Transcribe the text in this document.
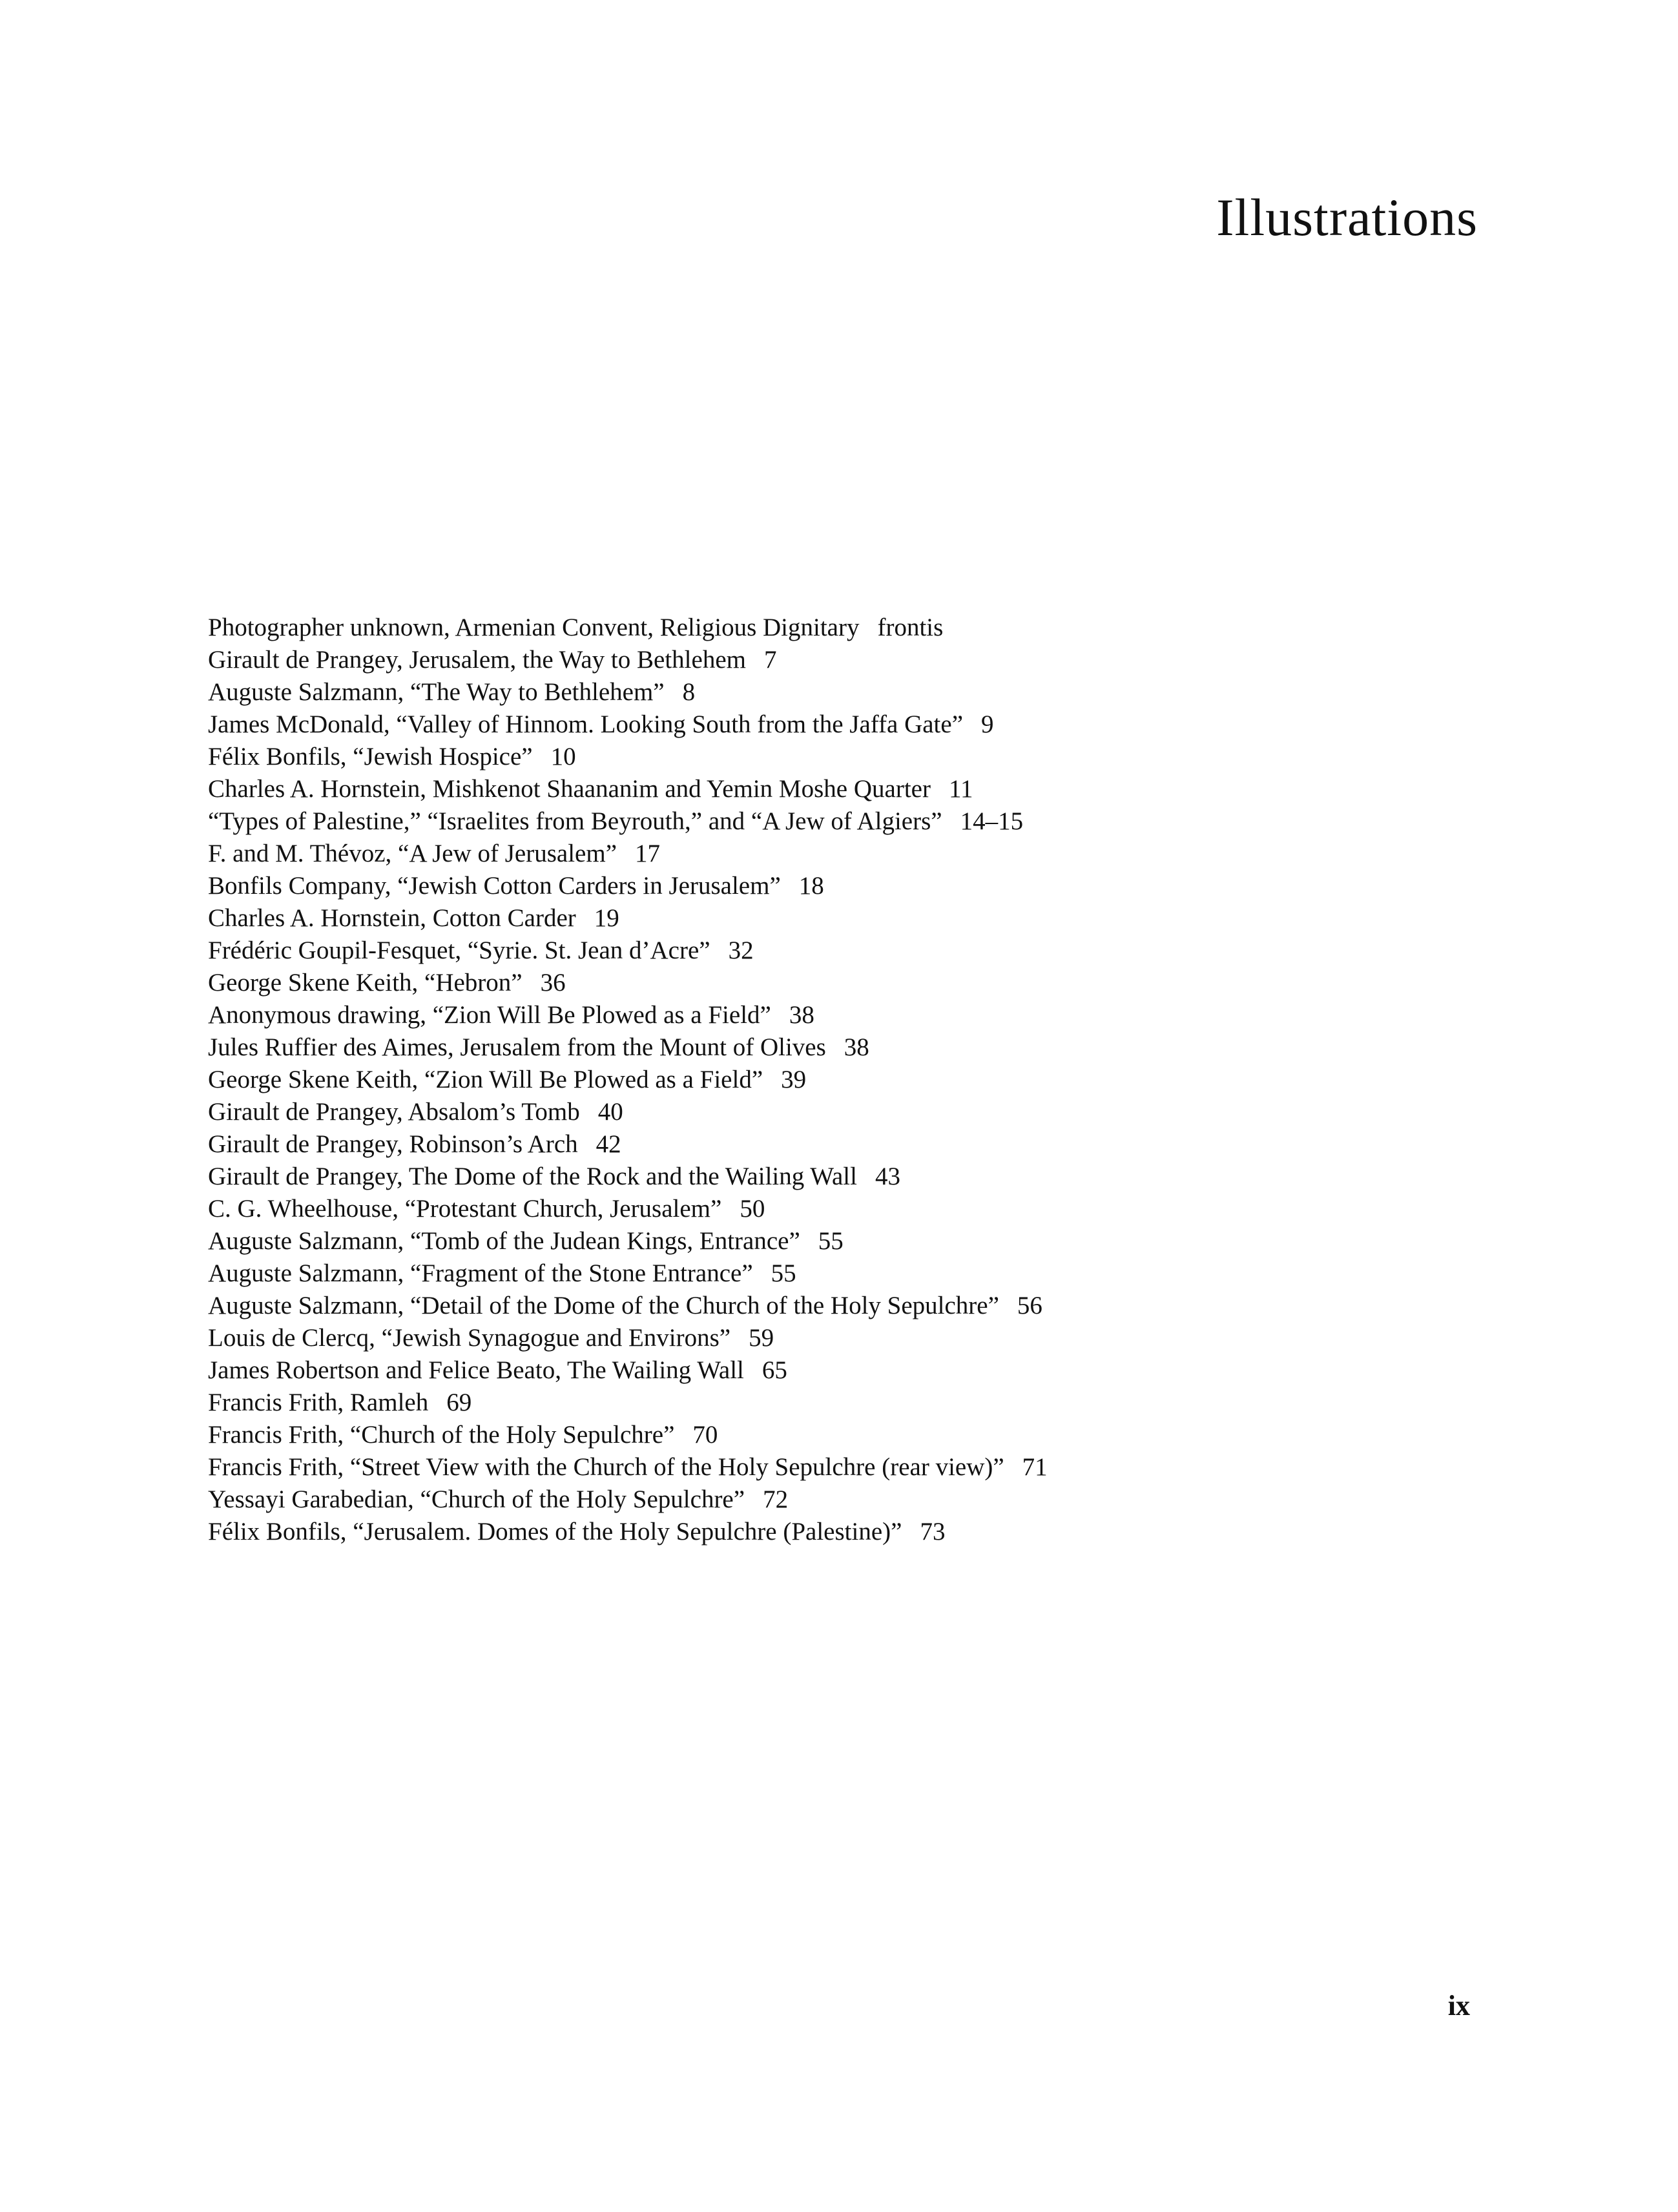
Illustrations
Photographer unknown, Armenian Convent, Religious Dignitary frontis
Girault de Prangey, Jerusalem, the Way to Bethlehem 7
Auguste Salzmann, “The Way to Bethlehem” 8
James McDonald, “Valley of Hinnom. Looking South from the Jaffa Gate” 9
Félix Bonfils, “Jewish Hospice” 10
Charles A. Hornstein, Mishkenot Shaananim and Yemin Moshe Quarter 11
“Types of Palestine,” “Israelites from Beyrouth,” and “A Jew of Algiers” 14–15
F. and M. Thévoz, “A Jew of Jerusalem” 17
Bonfils Company, “Jewish Cotton Carders in Jerusalem” 18
Charles A. Hornstein, Cotton Carder 19
Frédéric Goupil-Fesquet, “Syrie. St. Jean d’Acre” 32
George Skene Keith, “Hebron” 36
Anonymous drawing, “Zion Will Be Plowed as a Field” 38
Jules Ruffier des Aimes, Jerusalem from the Mount of Olives 38
George Skene Keith, “Zion Will Be Plowed as a Field” 39
Girault de Prangey, Absalom’s Tomb 40
Girault de Prangey, Robinson’s Arch 42
Girault de Prangey, The Dome of the Rock and the Wailing Wall 43
C. G. Wheelhouse, “Protestant Church, Jerusalem” 50
Auguste Salzmann, “Tomb of the Judean Kings, Entrance” 55
Auguste Salzmann, “Fragment of the Stone Entrance” 55
Auguste Salzmann, “Detail of the Dome of the Church of the Holy Sepulchre” 56
Louis de Clercq, “Jewish Synagogue and Environs” 59
James Robertson and Felice Beato, The Wailing Wall 65
Francis Frith, Ramleh 69
Francis Frith, “Church of the Holy Sepulchre” 70
Francis Frith, “Street View with the Church of the Holy Sepulchre (rear view)” 71
Yessayi Garabedian, “Church of the Holy Sepulchre” 72
Félix Bonfils, “Jerusalem. Domes of the Holy Sepulchre (Palestine)” 73
ix
